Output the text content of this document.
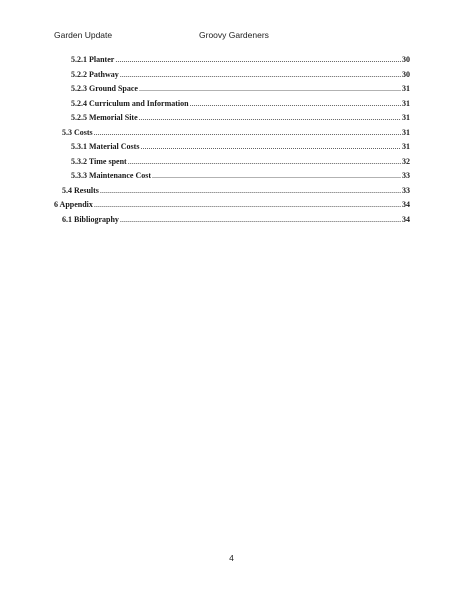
Garden Update	Groovy Gardeners
5.2.1 Planter .....	30
5.2.2 Pathway .....	30
5.2.3 Ground Space .....	31
5.2.4 Curriculum and Information .....	31
5.2.5 Memorial Site .....	31
5.3 Costs .....	31
5.3.1 Material Costs .....	31
5.3.2 Time spent .....	32
5.3.3 Maintenance Cost .....	33
5.4 Results .....	33
6 Appendix .....	34
6.1 Bibliography .....	34
4
